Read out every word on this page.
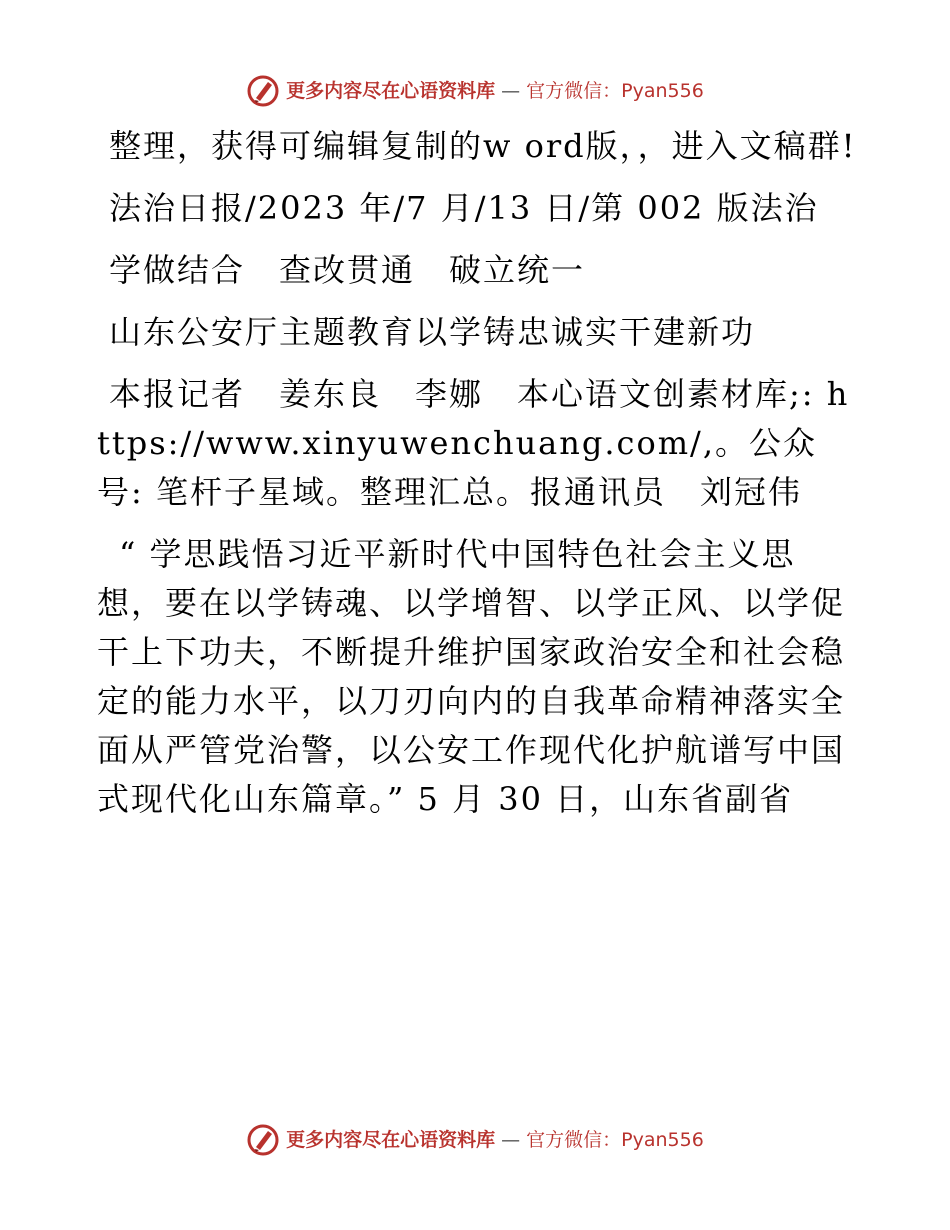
更多内容尽在心语资料库 — 官方微信：Pyan556

整理，获得可编辑复制的w ord版，，进入文稿群!

法治日报/2023 年/7 月/13 日/第 002 版法治

学做结合　查改贯通　破立统一

山东公安厅主题教育以学铸忠诚实干建新功

本报记者　姜东良　李娜　本心语文创素材库;: https://www.xinyuwenchuang.com/,。公众号: 笔杆子星域。整理汇总。报通讯员　刘冠伟

“ 学思践悟习近平新时代中国特色社会主义思想，要在以学铸魂、以学增智、以学正风、以学促干上下功夫，不断提升维护国家政治安全和社会稳定的能力水平，以刀刃向内的自我革命精神落实全面从严管党治警，以公安工作现代化护航谱写中国式现代化山东篇章。” 5 月 30 日，山东省副省

更多内容尽在心语资料库 — 官方微信：Pyan556
